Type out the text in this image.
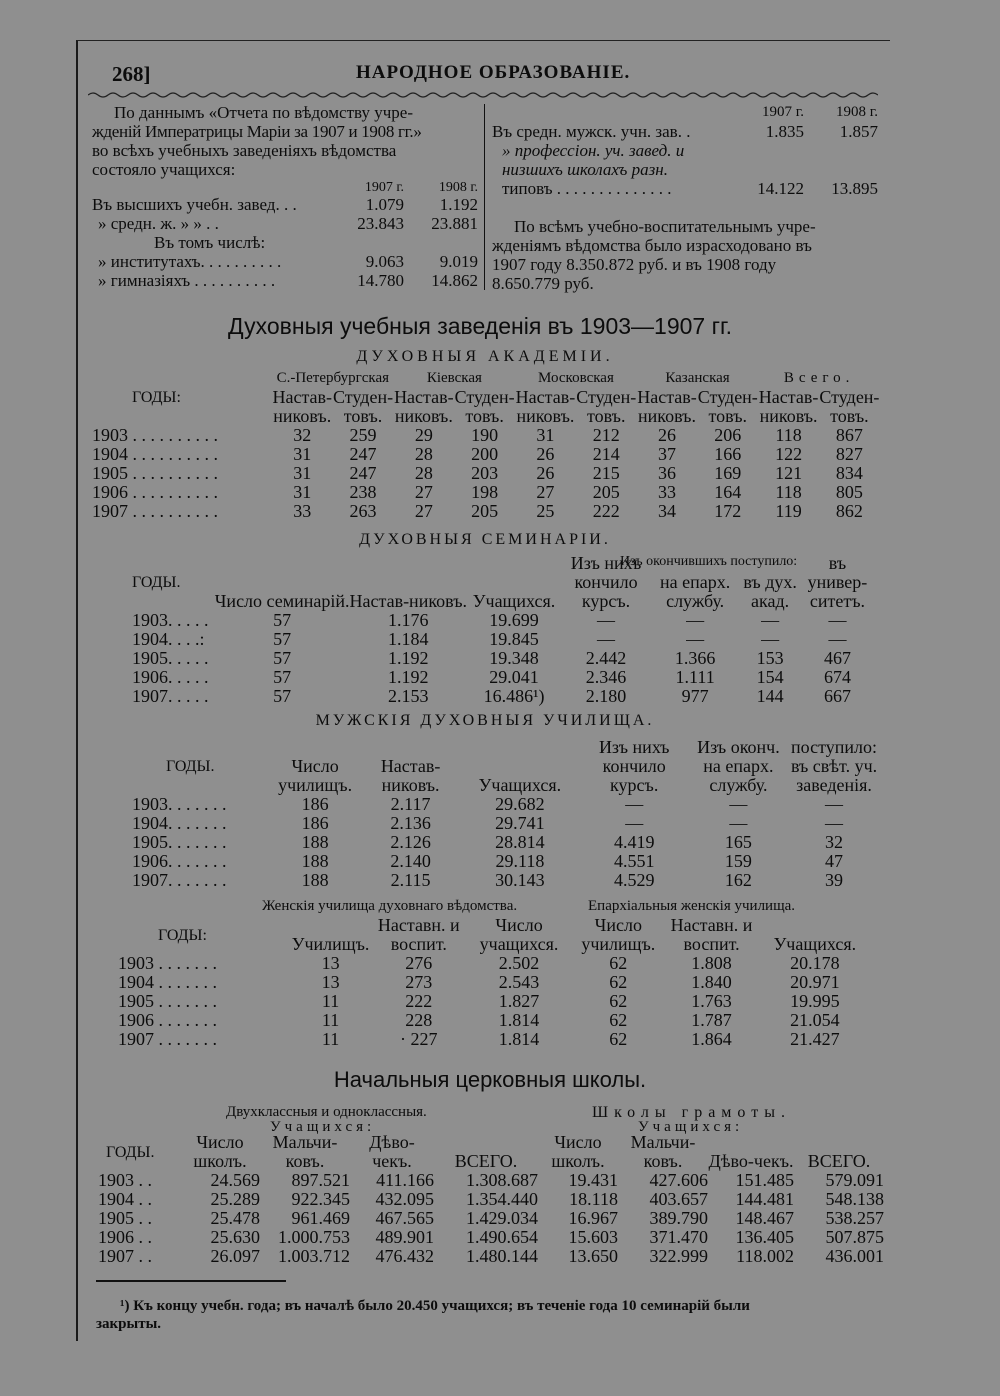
268]	НАРОДНОЕ ОБРАЗОВАНІЕ.
По даннымъ «Отчета по вѣдомству учре-
жденій Императрицы Маріи за 1907 и 1908 гг.»
во всѣхъ учебныхъ заведеніяхъ вѣдомства
состояло учащихся:
	1907 г.	1908 г.
Въ высшихъ учебн. завед. . .	1.079	1.192
» средн. ж. » » . .	23.843	23.881
Въ томъ числѣ:		
» институтахъ. . . . . . . . . .	9.063	9.019
» гимназіяхъ . . . . . . . . . .	14.780	14.862
	1907 г.	1908 г.
Въ средн. мужск. учн. зав. .	1.835	1.857
» профессіон. уч. завед. и		
низшихъ школахъ разн.		
типовъ . . . . . . . . . . . . . .	14.122	13.895
По всѣмъ учебно-воспитательнымъ учре-
жденіямъ вѣдомства было израсходовано въ
1907 году 8.350.872 руб. и въ 1908 году
8.650.779 руб.
Духовныя учебныя заведенія въ 1903—1907 гг.
ДУХОВНЫЯ АКАДЕМІИ.
ГОДЫ:	С.-Петербургская		Кіевская		Московская		Казанская		Всего.	
	Настав-	Студен-	Настав-	Студен-	Настав-	Студен-	Настав-	Студен-	Настав-	Студен-
	никовъ.	товъ.	никовъ.	товъ.	никовъ.	товъ.	никовъ.	товъ.	никовъ.	товъ.
1903 . . . . . . . . . .	32	259	29	190	31	212	26	206	118	867
1904 . . . . . . . . . .	31	247	28	200	26	214	37	166	122	827
1905 . . . . . . . . . .	31	247	28	203	26	215	36	169	121	834
1906 . . . . . . . . . .	31	238	27	198	27	205	33	164	118	805
1907 . . . . . . . . . .	33	263	27	205	25	222	34	172	119	862
ДУХОВНЫЯ СЕМИНАРІИ.
Изъ окончившихъ поступило:
ГОДЫ.	Число семинарій.	Настав-никовъ.	Учащихся.	Изъ нихъ кончило курсъ.	на епарх. службу.	въ дух. акад.	въ универ-ситетъ.
1903. . . . .	57	1.176	19.699	—	—	—	—
1904. . . .:	57	1.184	19.845	—	—	—	—
1905. . . . .	57	1.192	19.348	2.442	1.366	153	467
1906. . . . .	57	1.192	29.041	2.346	1.111	154	674
1907. . . . .	57	2.153	16.486¹)	2.180	977	144	667
МУЖСКІЯ ДУХОВНЫЯ УЧИЛИЩА.
ГОДЫ.	Число училищъ.	Настав-никовъ.	Учащихся.	Изъ нихъ кончило курсъ.	Изъ оконч. на епарх. службу.	поступило: въ свѣт. уч. заведенія.
1903. . . . . . .	186	2.117	29.682	—	—	—
1904. . . . . . .	186	2.136	29.741	—	—	—
1905. . . . . . .	188	2.126	28.814	4.419	165	32
1906. . . . . . .	188	2.140	29.118	4.551	159	47
1907. . . . . . .	188	2.115	30.143	4.529	162	39
Женскія училища духовнаго вѣдомства.	Епархіальныя женскія училища.
ГОДЫ:	Училищъ.	Наставн. и воспит.	Число учащихся.	Число училищъ.	Наставн. и воспит.	Учащихся.
1903 . . . . . . .	13	276	2.502	62	1.808	20.178
1904 . . . . . . .	13	273	2.543	62	1.840	20.971
1905 . . . . . . .	11	222	1.827	62	1.763	19.995
1906 . . . . . . .	11	228	1.814	62	1.787	21.054
1907 . . . . . . .	11	· 227	1.814	62	1.864	21.427
Начальныя церковныя школы.
Двухклассныя и одноклассныя.	Школы грамоты.
Учащихся:	Учащихся:
ГОДЫ.	Число школъ.	Мальчи-ковъ.	Дѣво-чекъ.	ВСЕГО.	Число школъ.	Мальчи-ковъ.	Дѣво-чекъ.	ВСЕГО.
1903 . .	24.569	897.521	411.166	1.308.687	19.431	427.606	151.485	579.091
1904 . .	25.289	922.345	432.095	1.354.440	18.118	403.657	144.481	548.138
1905 . .	25.478	961.469	467.565	1.429.034	16.967	389.790	148.467	538.257
1906 . .	25.630	1.000.753	489.901	1.490.654	15.603	371.470	136.405	507.875
1907 . .	26.097	1.003.712	476.432	1.480.144	13.650	322.999	118.002	436.001
¹) Къ концу учебн. года; въ началѣ было 20.450 учащихся; въ теченіе года 10 семинарій были
закрыты.
